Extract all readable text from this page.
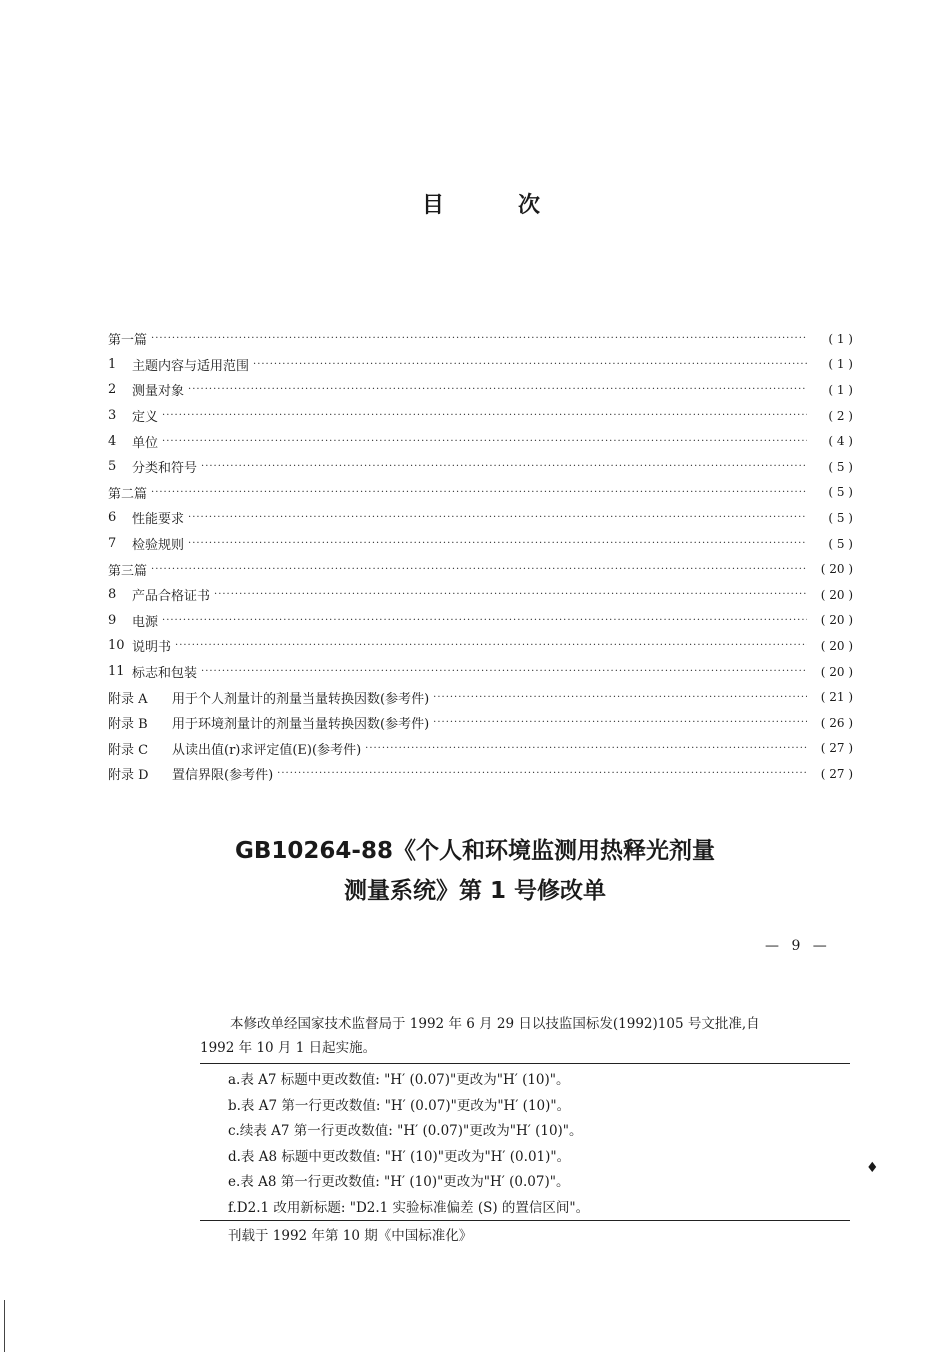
目	次
第一篇 ·····	( 1 )
1	主题内容与适用范围 ·····	( 1 )
2	测量对象 ·····	( 1 )
3	定义 ·····	( 2 )
4	单位 ·····	( 4 )
5	分类和符号 ·····	( 5 )
第二篇 ·····	( 5 )
6	性能要求 ·····	( 5 )
7	检验规则 ·····	( 5 )
第三篇 ·····	( 20 )
8	产品合格证书 ·····	( 20 )
9	电源 ·····	( 20 )
10 说明书 ·····	( 20 )
11 标志和包装 ·····	( 20 )
附录 A	用于个人剂量计的剂量当量转换因数(参考件) ·····	( 21 )
附录 B	用于环境剂量计的剂量当量转换因数(参考件) ·····	( 26 )
附录 C	从读出值(r)求评定值(E)(参考件) ·····	( 27 )
附录 D	置信界限(参考件) ·····	( 27 )
GB10264-88《个人和环境监测用热释光剂量
测量系统》第 1 号修改单
— 9 —
本修改单经国家技术监督局于 1992 年 6 月 29 日以技监国标发(1992)105 号文批准,自
1992 年 10 月 1 日起实施。
a.表 A7 标题中更改数值: "H′ (0.07)"更改为"H′ (10)"。
b.表 A7 第一行更改数值: "H′ (0.07)"更改为"H′ (10)"。
c.续表 A7 第一行更改数值: "H′ (0.07)"更改为"H′ (10)"。
d.表 A8 标题中更改数值: "H′ (10)"更改为"H′ (0.01)"。
e.表 A8 第一行更改数值: "H′ (10)"更改为"H′ (0.07)"。
f.D2.1 改用新标题: "D2.1 实验标准偏差 (S) 的置信区间"。
刊载于 1992 年第 10 期《中国标准化》
♦
